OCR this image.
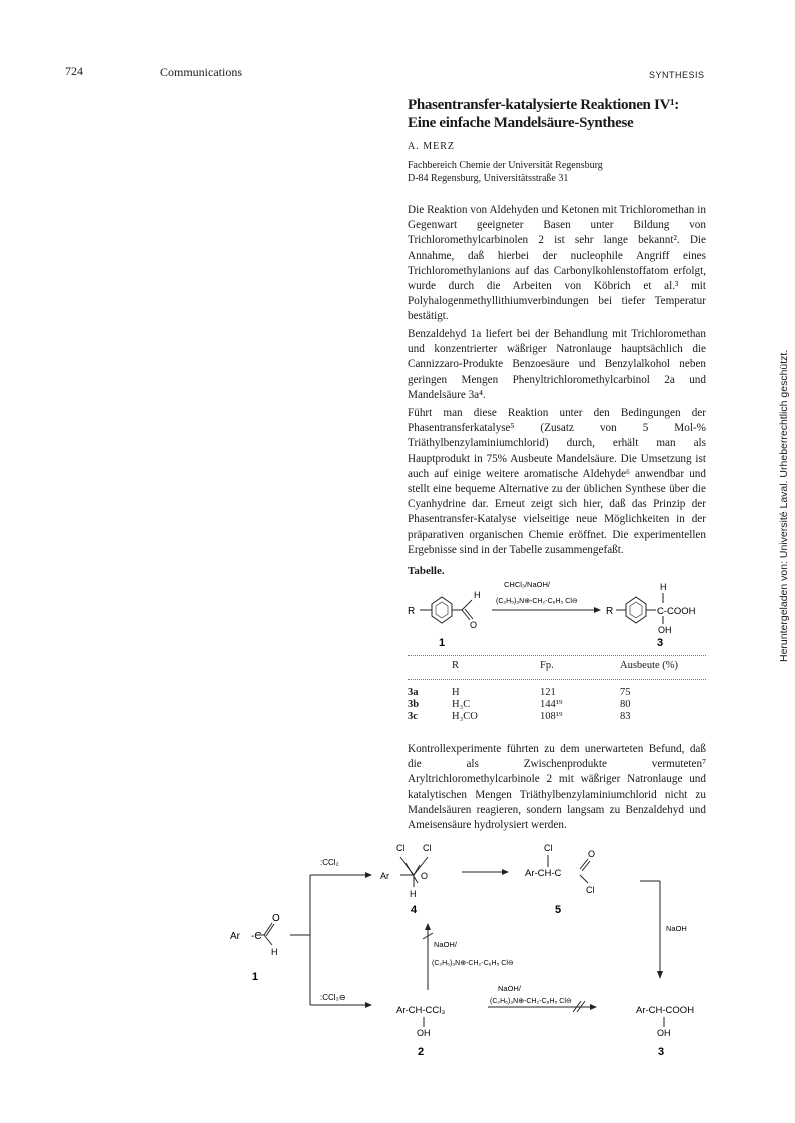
724	Communications	SYNTHESIS
Phasentransfer-katalysierte Reaktionen IV¹: Eine einfache Mandelsäure-Synthese
A. MERZ
Fachbereich Chemie der Universität Regensburg
D-84 Regensburg, Universitätsstraße 31
Die Reaktion von Aldehyden und Ketonen mit Trichloromethan in Gegenwart geeigneter Basen unter Bildung von Trichloromethylcarbinolen 2 ist sehr lange bekannt². Die Annahme, daß hierbei der nucleophile Angriff eines Trichloromethylanions auf das Carbonylkohlenstoffatom erfolgt, wurde durch die Arbeiten von Köbrich et al.³ mit Polyhalogenmethyllithiumverbindungen bei tiefer Temperatur bestätigt.
Benzaldehyd 1a liefert bei der Behandlung mit Trichloromethan und konzentrierter wäßriger Natronlauge hauptsächlich die Cannizzaro-Produkte Benzoesäure und Benzylalkohol neben geringen Mengen Phenyltrichloromethylcarbinol 2a und Mandelsäure 3a⁴.
Führt man diese Reaktion unter den Bedingungen der Phasentransferkatalyse⁵ (Zusatz von 5 Mol-% Triäthylbenzylaminiumchlorid) durch, erhält man als Hauptprodukt in 75% Ausbeute Mandelsäure. Die Umsetzung ist auch auf einige weitere aromatische Aldehyde⁶ anwendbar und stellt eine bequeme Alternative zu der üblichen Synthese über die Cyanhydrine dar. Erneut zeigt sich hier, daß das Prinzip der Phasentransfer-Katalyse vielseitige neue Möglichkeiten in der präparativen organischen Chemie eröffnet. Die experimentellen Ergebnisse sind in der Tabelle zusammengefaßt.
Tabelle.
R
H
O
CHCl₃/NaOH/
(C₂H₅)₃N⊕-CH₂-C₆H₅ Cl⊖
R
H
C-COOH
OH
1	3
	R	Fp.	Ausbeute (%)
3a	H	121	75
3b	H₃C	144¹⁹	80
3c	H₃CO	108¹⁹	83
Kontrollexperimente führten zu dem unerwarteten Befund, daß die als Zwischenprodukte vermuteten⁷ Aryltrichloromethylcarbinole 2 mit wäßriger Natronlauge und katalytischen Mengen Triäthylbenzylaminiumchlorid nicht zu Mandelsäuren reagieren, sondern langsam zu Benzaldehyd und Ameisensäure hydrolysiert werden.
Ar -C
O
H
1
:CCl₂
:CCl₃⊖
Cl Cl
Ar	O
H
4
Cl
O
Ar-CH-C
Cl
5
NaOH
NaOH/
(C₂H₅)₃N⊕-CH₂-C₆H₅ Cl⊖
NaOH/
(C₂H₅)₃N⊕-CH₂-C₆H₅ Cl⊖
Ar-CH-CCl₃
OH
2
Ar-CH-COOH
OH
3
Heruntergeladen von: Université Laval. Urheberrechtlich geschützt.
